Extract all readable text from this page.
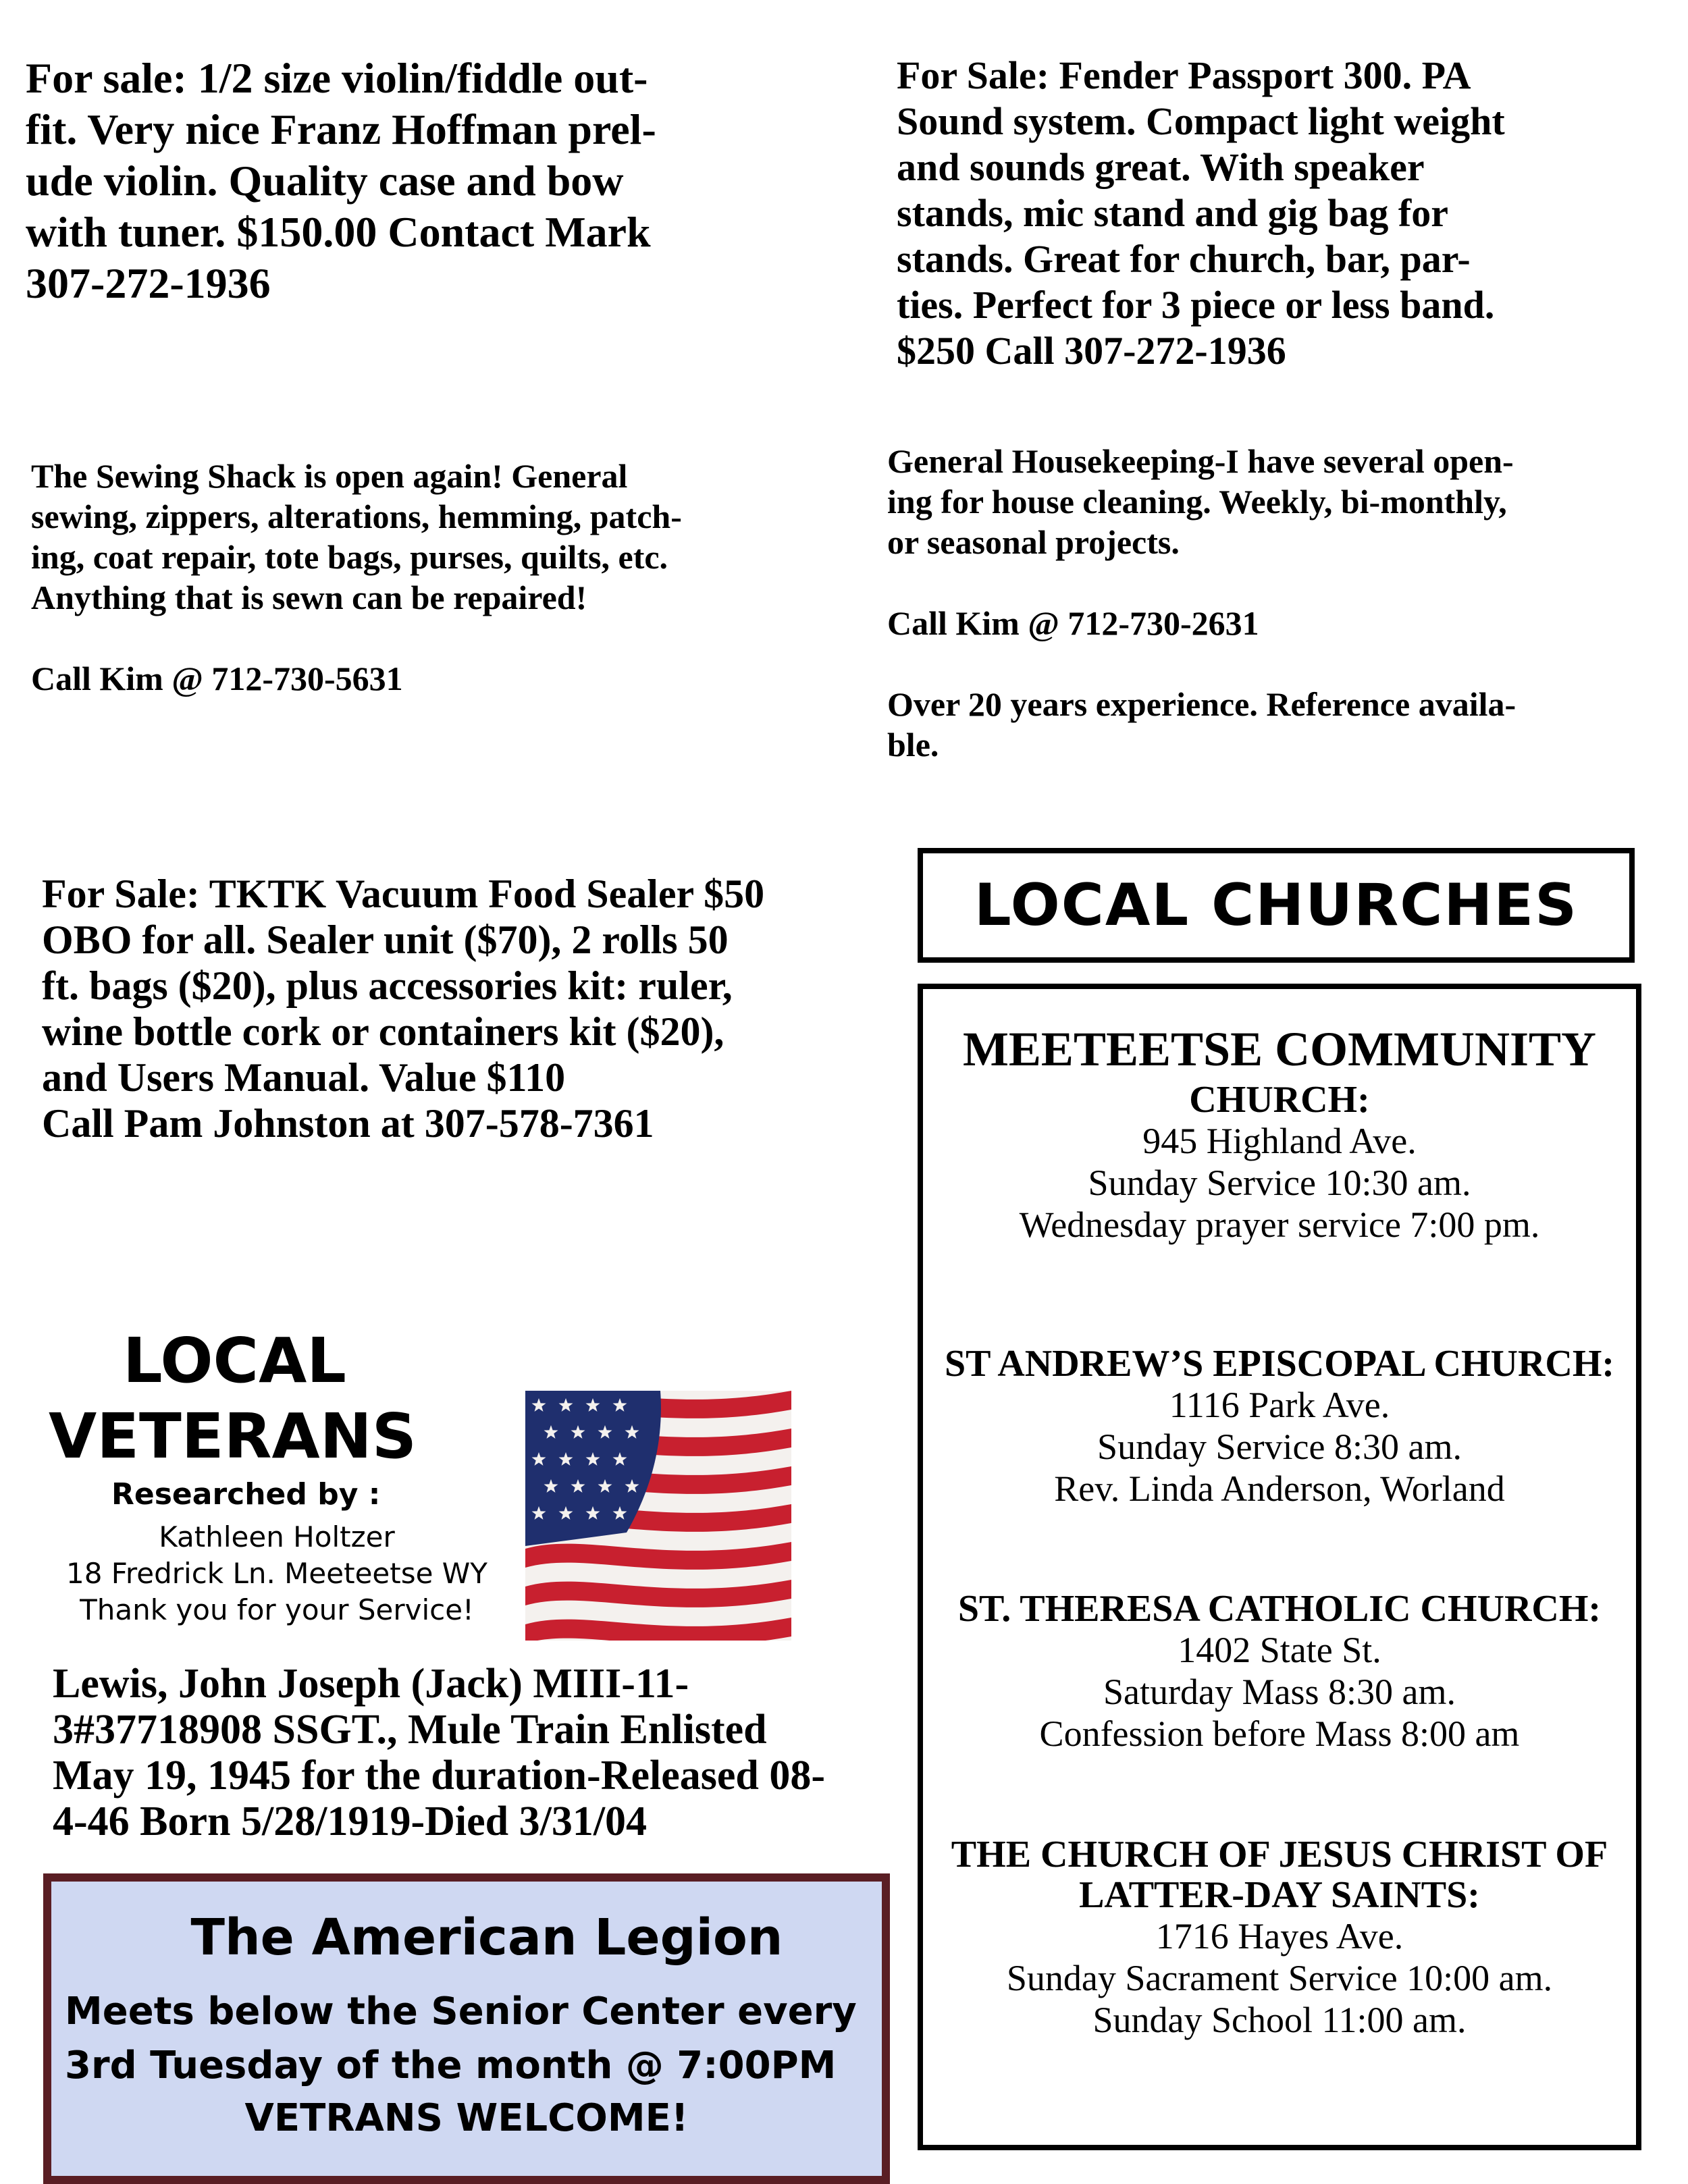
For sale: 1/2 size violin/fiddle out-
fit. Very nice Franz Hoffman prel-
ude violin. Quality case and bow
with tuner. $150.00 Contact Mark
307-272-1936
For Sale: Fender Passport 300. PA
Sound system. Compact light weight
and sounds great. With speaker
stands, mic stand and gig bag for
stands. Great for church, bar, par-
ties. Perfect for 3 piece or less band.
$250 Call 307-272-1936
The Sewing Shack is open again! General
sewing, zippers, alterations, hemming, patch-
ing, coat repair, tote bags, purses, quilts, etc.
Anything that is sewn can be repaired!
Call Kim @ 712-730-5631
General Housekeeping-I have several open-
ing for house cleaning. Weekly, bi-monthly,
or seasonal projects.
Call Kim @ 712-730-2631
Over 20 years experience. Reference availa-
ble.
For Sale: TKTK Vacuum Food Sealer $50
OBO for all. Sealer unit ($70), 2 rolls 50
ft. bags ($20), plus accessories kit: ruler,
wine bottle cork or containers kit ($20),
and Users Manual. Value $110
Call Pam Johnston at 307-578-7361
LOCAL CHURCHES
MEETEETSE COMMUNITY
CHURCH:
945 Highland Ave.
Sunday Service 10:30 am.
Wednesday prayer service 7:00 pm.
ST ANDREW’S EPISCOPAL CHURCH:
1116 Park Ave.
Sunday Service 8:30 am.
Rev. Linda Anderson, Worland
ST. THERESA CATHOLIC CHURCH:
1402 State St.
Saturday Mass 8:30 am.
Confession before Mass 8:00 am
THE CHURCH OF JESUS CHRIST OF
LATTER-DAY SAINTS:
1716 Hayes Ave.
Sunday Sacrament Service 10:00 am.
Sunday School 11:00 am.
LOCAL
VETERANS
Researched by :
Kathleen Holtzer
18 Fredrick Ln. Meeteetse WY
Thank you for your Service!
Lewis, John Joseph (Jack) MIII-11-
3#37718908 SSGT., Mule Train Enlisted
May 19, 1945 for the duration-Released 08-
4-46 Born 5/28/1919-Died 3/31/04
The American Legion
Meets below the Senior Center every
3rd Tuesday of the month @ 7:00PM
VETRANS WELCOME!
